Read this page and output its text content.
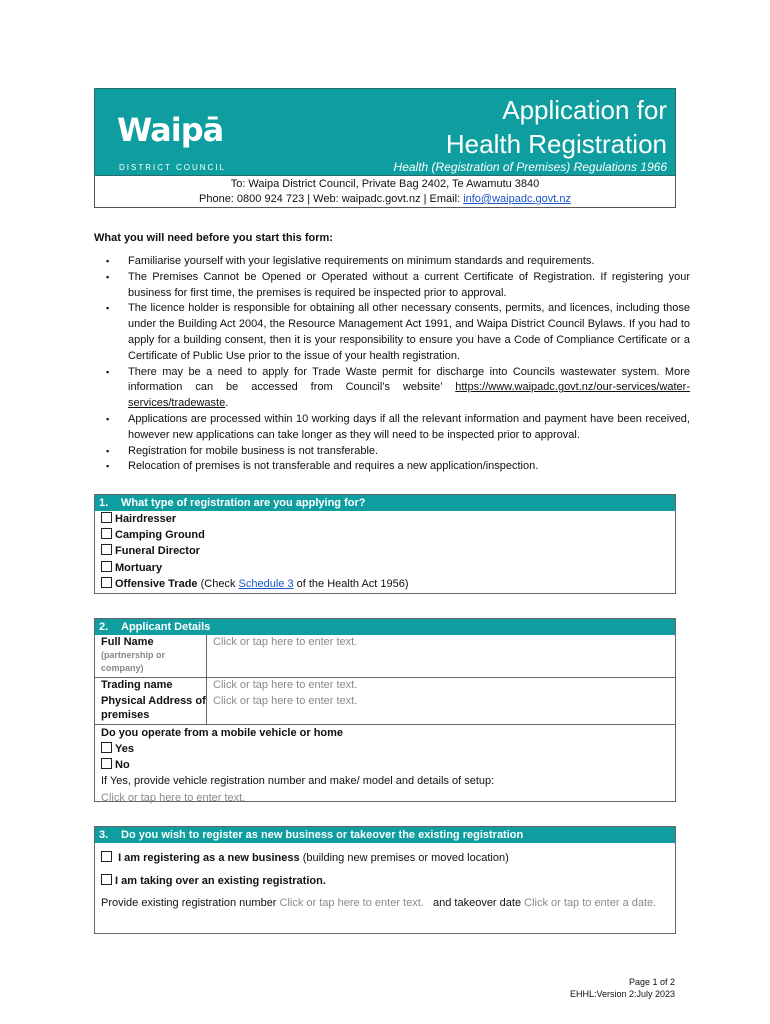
Waipā
DISTRICT COUNCIL
Application for
Health Registration
Health (Registration of Premises) Regulations 1966
To: Waipa District Council, Private Bag 2402, Te Awamutu 3840
Phone: 0800 924 723 | Web: waipadc.govt.nz | Email: info@waipadc.govt.nz
What you will need before you start this form:
▪ Familiarise yourself with your legislative requirements on minimum standards and requirements.
▪ The Premises Cannot be Opened or Operated without a current Certificate of Registration. If registering your business for first time, the premises is required be inspected prior to approval.
▪ The licence holder is responsible for obtaining all other necessary consents, permits, and licences, including those under the Building Act 2004, the Resource Management Act 1991, and Waipa District Council Bylaws. If you had to apply for a building consent, then it is your responsibility to ensure you have a Code of Compliance Certificate or a Certificate of Public Use prior to the issue of your health registration.
▪ There may be a need to apply for Trade Waste permit for discharge into Councils wastewater system. More information can be accessed from Council’s website’ https://www.waipadc.govt.nz/our-services/water-services/tradewaste.
▪ Applications are processed within 10 working days if all the relevant information and payment have been received, however new applications can take longer as they will need to be inspected prior to approval.
▪ Registration for mobile business is not transferable.
▪ Relocation of premises is not transferable and requires a new application/inspection.
1. What type of registration are you applying for?
Hairdresser
Camping Ground
Funeral Director
Mortuary
Offensive Trade (Check Schedule 3 of the Health Act 1956)
2. Applicant Details
Full Name
(partnership or company)
Click or tap here to enter text.
Trading name	Click or tap here to enter text.
Physical Address of premises
Click or tap here to enter text.
Do you operate from a mobile vehicle or home
Yes
No
If Yes, provide vehicle registration number and make/ model and details of setup:
Click or tap here to enter text.
3. Do you wish to register as new business or takeover the existing registration
I am registering as a new business (building new premises or moved location)
I am taking over an existing registration.
Provide existing registration number Click or tap here to enter text. and takeover date Click or tap to enter a date.
Page 1 of 2
EHHL:Version 2:July 2023
